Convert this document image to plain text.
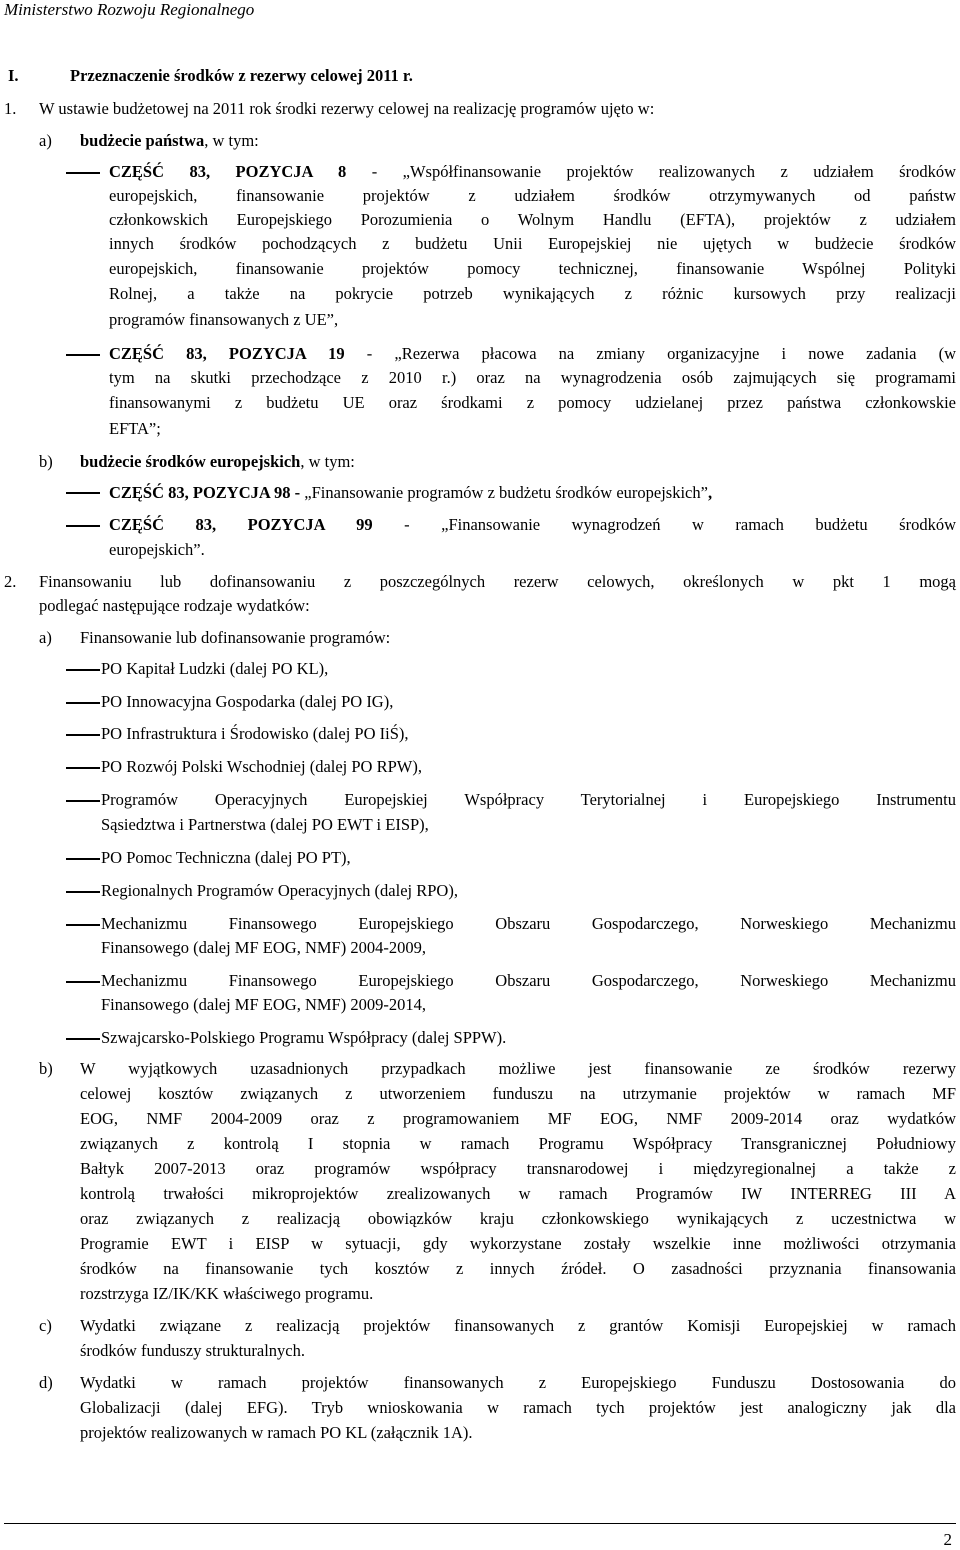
Ministerstwo Rozwoju Regionalnego
I.	Przeznaczenie środków z rezerwy celowej 2011 r.
1. W ustawie budżetowej na 2011 rok środki rezerwy celowej na realizację programów ujęto w:
a) budżecie państwa, w tym:
CZĘŚĆ 83, POZYCJA 8 - „Współfinansowanie projektów realizowanych z udziałem środków
europejskich, finansowanie projektów z udziałem środków otrzymywanych od państw
członkowskich Europejskiego Porozumienia o Wolnym Handlu (EFTA), projektów z udziałem
innych środków pochodzących z budżetu Unii Europejskiej nie ujętych w budżecie środków
europejskich, finansowanie projektów pomocy technicznej, finansowanie Wspólnej Polityki
Rolnej, a także na pokrycie potrzeb wynikających z różnic kursowych przy realizacji
programów finansowanych z UE”,
CZĘŚĆ 83, POZYCJA 19 - „Rezerwa płacowa na zmiany organizacyjne i nowe zadania (w
tym na skutki przechodzące z 2010 r.) oraz na wynagrodzenia osób zajmujących się programami
finansowanymi z budżetu UE oraz środkami z pomocy udzielanej przez państwa członkowskie
EFTA”;
b) budżecie środków europejskich, w tym:
CZĘŚĆ 83, POZYCJA 98 - „Finansowanie programów z budżetu środków europejskich”,
CZĘŚĆ 83, POZYCJA 99 - „Finansowanie wynagrodzeń w ramach budżetu środków
europejskich”.
2. Finansowaniu lub dofinansowaniu z poszczególnych rezerw celowych, określonych w pkt 1 mogą
podlegać następujące rodzaje wydatków:
a) Finansowanie lub dofinansowanie programów:
PO Kapitał Ludzki (dalej PO KL),
PO Innowacyjna Gospodarka (dalej PO IG),
PO Infrastruktura i Środowisko (dalej PO IiŚ),
PO Rozwój Polski Wschodniej (dalej PO RPW),
Programów Operacyjnych Europejskiej Współpracy Terytorialnej i Europejskiego Instrumentu
Sąsiedztwa i Partnerstwa (dalej PO EWT i EISP),
PO Pomoc Techniczna (dalej PO PT),
Regionalnych Programów Operacyjnych (dalej RPO),
Mechanizmu Finansowego Europejskiego Obszaru Gospodarczego, Norweskiego Mechanizmu
Finansowego (dalej MF EOG, NMF) 2004-2009,
Mechanizmu Finansowego Europejskiego Obszaru Gospodarczego, Norweskiego Mechanizmu
Finansowego (dalej MF EOG, NMF) 2009-2014,
Szwajcarsko-Polskiego Programu Współpracy (dalej SPPW).
b) W wyjątkowych uzasadnionych przypadkach możliwe jest finansowanie ze środków rezerwy
celowej kosztów związanych z utworzeniem funduszu na utrzymanie projektów w ramach MF
EOG, NMF 2004-2009 oraz z programowaniem MF EOG, NMF 2009-2014 oraz wydatków
związanych z kontrolą I stopnia w ramach Programu Współpracy Transgranicznej Południowy
Bałtyk 2007-2013 oraz programów współpracy transnarodowej i międzyregionalnej a także z
kontrolą trwałości mikroprojektów zrealizowanych w ramach Programów IW INTERREG III A
oraz związanych z realizacją obowiązków kraju członkowskiego wynikających z uczestnictwa w
Programie EWT i EISP w sytuacji, gdy wykorzystane zostały wszelkie inne możliwości otrzymania
środków na finansowanie tych kosztów z innych źródeł. O zasadności przyznania finansowania
rozstrzyga IZ/IK/KK właściwego programu.
c) Wydatki związane z realizacją projektów finansowanych z grantów Komisji Europejskiej w ramach
środków funduszy strukturalnych.
d) Wydatki w ramach projektów finansowanych z Europejskiego Funduszu Dostosowania do
Globalizacji (dalej EFG). Tryb wnioskowania w ramach tych projektów jest analogiczny jak dla
projektów realizowanych w ramach PO KL (załącznik 1A).
2
